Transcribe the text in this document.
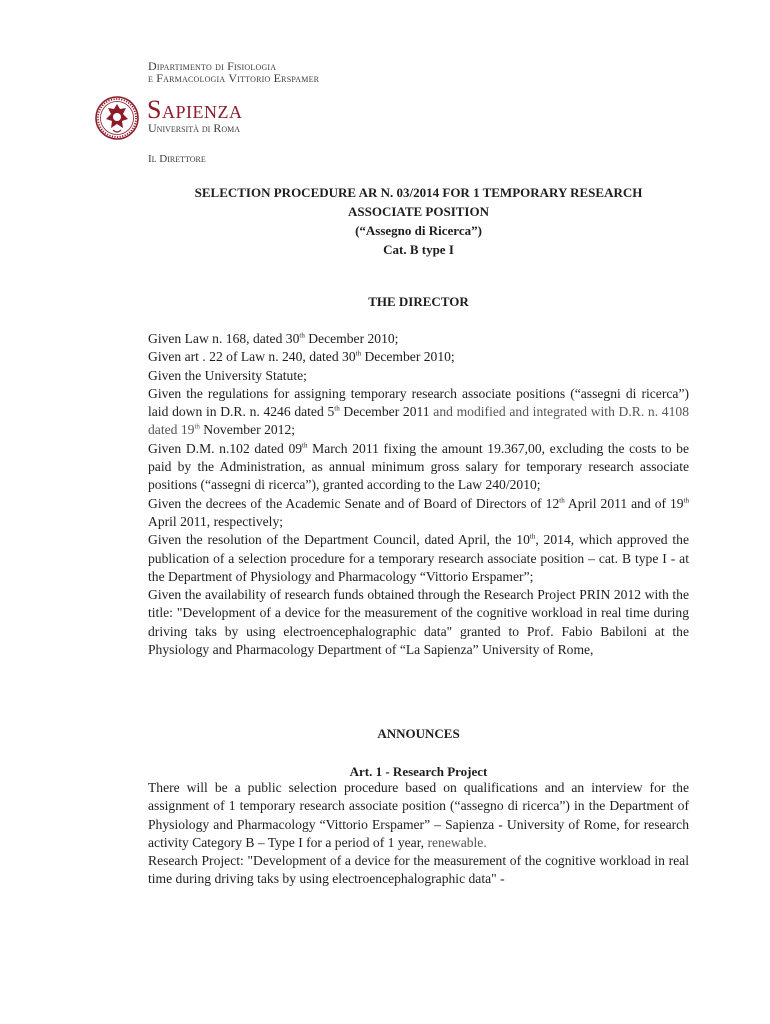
Dipartimento di Fisiologia
e Farmacologia Vittorio Erspamer
Sapienza
Università di Roma
Il Direttore
SELECTION PROCEDURE AR N. 03/2014 FOR 1 TEMPORARY RESEARCH
ASSOCIATE POSITION
(“Assegno di Ricerca”)
Cat. B type I
THE DIRECTOR

Given Law n. 168, dated 30th December 2010;

Given art . 22 of Law n. 240, dated 30th December 2010;

Given the University Statute;

Given the regulations for assigning temporary research associate positions (“assegni di ricerca”) laid down in D.R. n. 4246 dated 5th December 2011 and modified and integrated with D.R. n. 4108 dated 19th November 2012;

Given D.M. n.102 dated 09th March 2011 fixing the amount 19.367,00, excluding the costs to be paid by the Administration, as annual minimum gross salary for temporary research associate positions (“assegni di ricerca”), granted according to the Law 240/2010;

Given the decrees of the Academic Senate and of Board of Directors of 12th April 2011 and of 19th April 2011, respectively;

Given the resolution of the Department Council, dated April, the 10th, 2014, which approved the publication of a selection procedure for a temporary research associate position – cat. B type I - at the Department of Physiology and Pharmacology “Vittorio Erspamer”;

Given the availability of research funds obtained through the Research Project PRIN 2012 with the title: "Development of a device for the measurement of the cognitive workload in real time during driving taks by using electroencephalographic data" granted to Prof. Fabio Babiloni at the Physiology and Pharmacology Department of “La Sapienza” University of Rome,

ANNOUNCES
Art. 1 - Research Project

There will be a public selection procedure based on qualifications and an interview for the assignment of 1 temporary research associate position (“assegno di ricerca”) in the Department of Physiology and Pharmacology “Vittorio Erspamer” – Sapienza - University of Rome, for research activity Category B – Type I for a period of 1 year, renewable.

Research Project: "Development of a device for the measurement of the cognitive workload in real time during driving taks by using electroencephalographic data" -
